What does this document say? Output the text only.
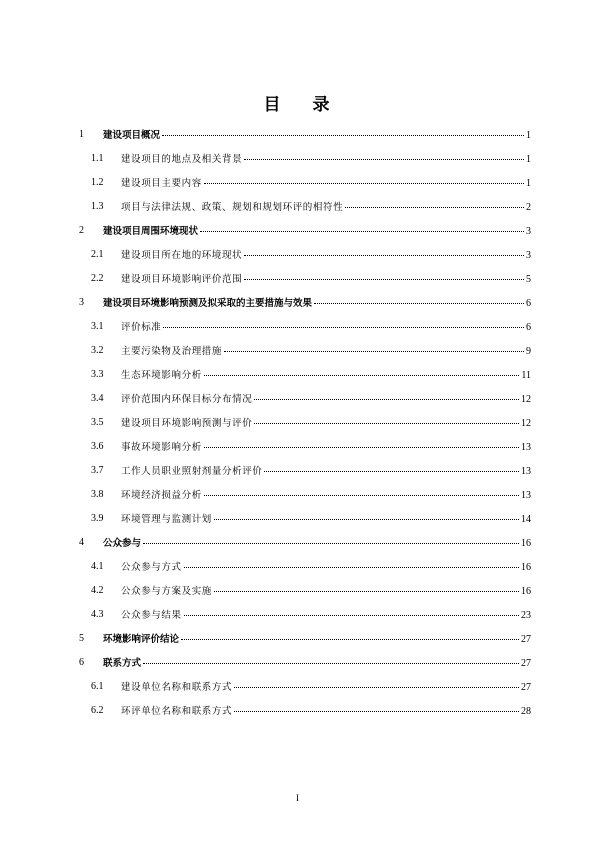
目 录
1 建设项目概况	1
1.1 建设项目的地点及相关背景	1
1.2 建设项目主要内容	1
1.3 项目与法律法规、政策、规划和规划环评的相符性	2
2 建设项目周围环境现状	3
2.1 建设项目所在地的环境现状	3
2.2 建设项目环境影响评价范围	5
3 建设项目环境影响预测及拟采取的主要措施与效果	6
3.1 评价标准	6
3.2 主要污染物及治理措施	9
3.3 生态环境影响分析	11
3.4 评价范围内环保目标分布情况	12
3.5 建设项目环境影响预测与评价	12
3.6 事故环境影响分析	13
3.7 工作人员职业照射剂量分析评价	13
3.8 环境经济损益分析	13
3.9 环境管理与监测计划	14
4 公众参与	16
4.1 公众参与方式	16
4.2 公众参与方案及实施	16
4.3 公众参与结果	23
5 环境影响评价结论	27
6 联系方式	27
6.1 建设单位名称和联系方式	27
6.2 环评单位名称和联系方式	28
I
